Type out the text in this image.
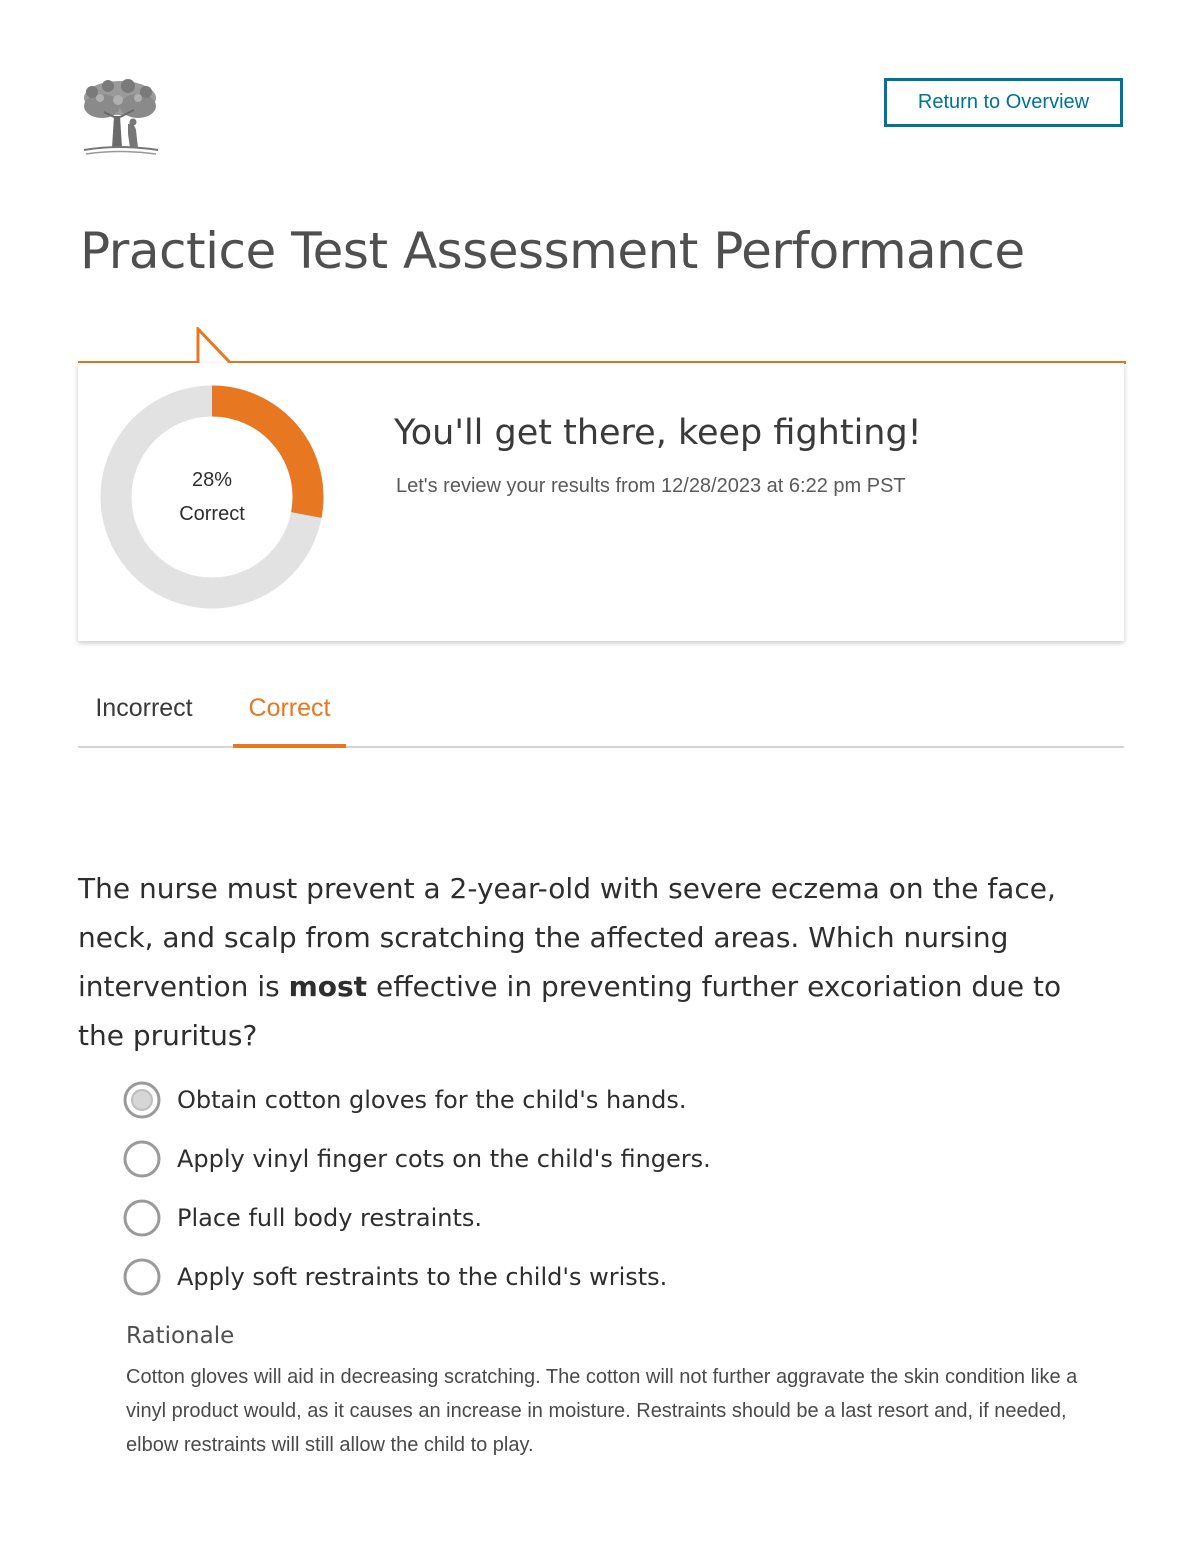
Return to Overview
Practice Test Assessment Performance
28%
Correct
You'll get there, keep fighting!
Let's review your results from 12/28/2023 at 6:22 pm PST
Incorrect	Correct

The nurse must prevent a 2-year-old with severe eczema on the face, neck, and scalp from scratching the affected areas. Which nursing intervention is most effective in preventing further excoriation due to the pruritus?

Obtain cotton gloves for the child's hands.
Apply vinyl finger cots on the child's fingers.
Place full body restraints.
Apply soft restraints to the child's wrists.
Rationale

Cotton gloves will aid in decreasing scratching. The cotton will not further aggravate the skin condition like a vinyl product would, as it causes an increase in moisture. Restraints should be a last resort and, if needed, elbow restraints will still allow the child to play.
